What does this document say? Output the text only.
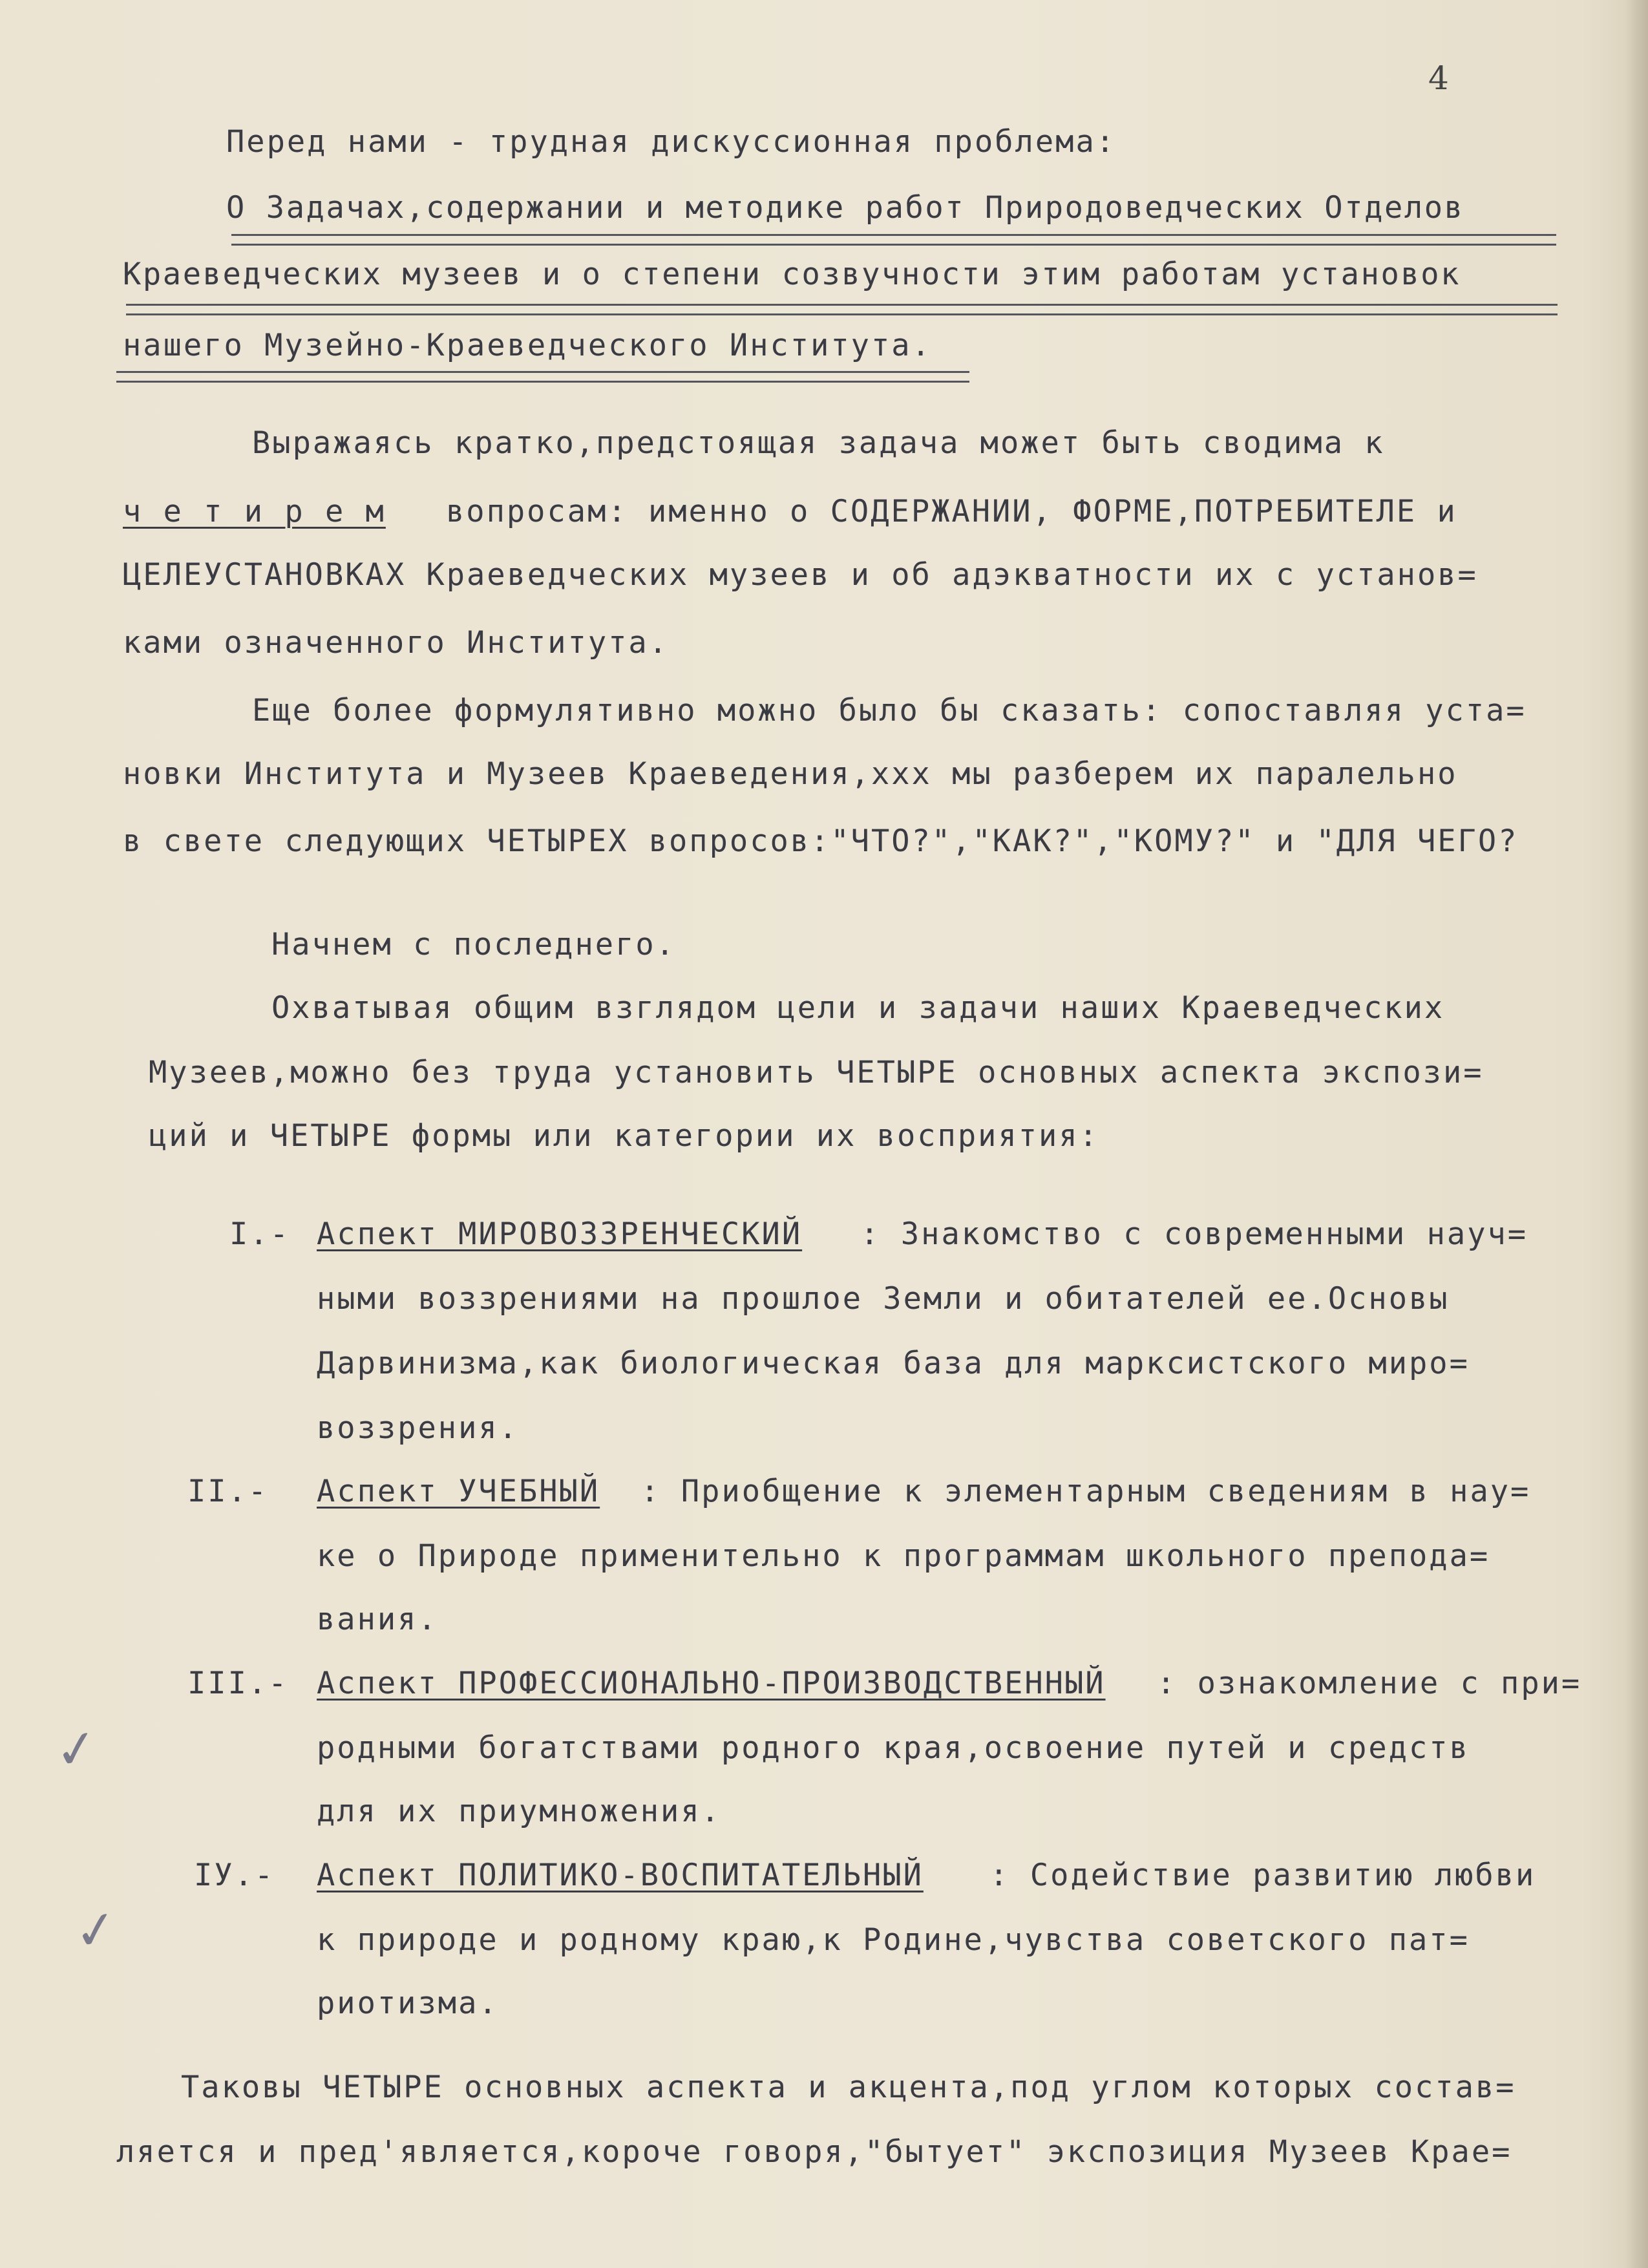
4
Перед нами - трудная дискуссионная проблема:
О Задачах,содержании и методике работ Природоведческих Отделов
Краеведческих музеев и о степени созвучности этим работам установок
нашего Музейно-Краеведческого Института.
Выражаясь кратко,предстоящая задача может быть сводима к
ч е т и р е м вопросам: именно о СОДЕРЖАНИИ, ФОРМЕ,ПОТРЕБИТЕЛЕ и
ЦЕЛЕУСТАНОВКАХ Краеведческих музеев и об адэкватности их с установ=
ками означенного Института.
Еще более формулятивно можно было бы сказать: сопоставляя уста=
новки Института и Музеев Краеведения,ххх мы разберем их паралельно
в свете следующих ЧЕТЫРЕХ вопросов:"ЧТО?","КАК?","КОМУ?" и "ДЛЯ ЧЕГО?
Начнем с последнего.
Охватывая общим взглядом цели и задачи наших Краеведческих
Музеев,можно без труда установить ЧЕТЫРЕ основных аспекта экспози=
ций и ЧЕТЫРЕ формы или категории их восприятия:
I.- Аспект МИРОВОЗЗРЕНЧЕСКИЙ : Знакомство с современными науч=
ными воззрениями на прошлое Земли и обитателей ее.Основы
Дарвинизма,как биологическая база для марксистского миро=
воззрения.
II.- Аспект УЧЕБНЫЙ : Приобщение к элементарным сведениям в нау=
ке о Природе применительно к программам школьного препода=
вания.
III.- Аспект ПРОФЕССИОНАЛЬНО-ПРОИЗВОДСТВЕННЫЙ : ознакомление с при=
родными богатствами родного края,освоение путей и средств
для их приумножения.
IУ.- Аспект ПОЛИТИКО-ВОСПИТАТЕЛЬНЫЙ : Содействие развитию любви
к природе и родному краю,к Родине,чувства советского пат=
риотизма.
Таковы ЧЕТЫРЕ основных аспекта и акцента,под углом которых состав=
ляется и пред'является,короче говоря,"бытует" экспозиция Музеев Крае=
✓
✓
